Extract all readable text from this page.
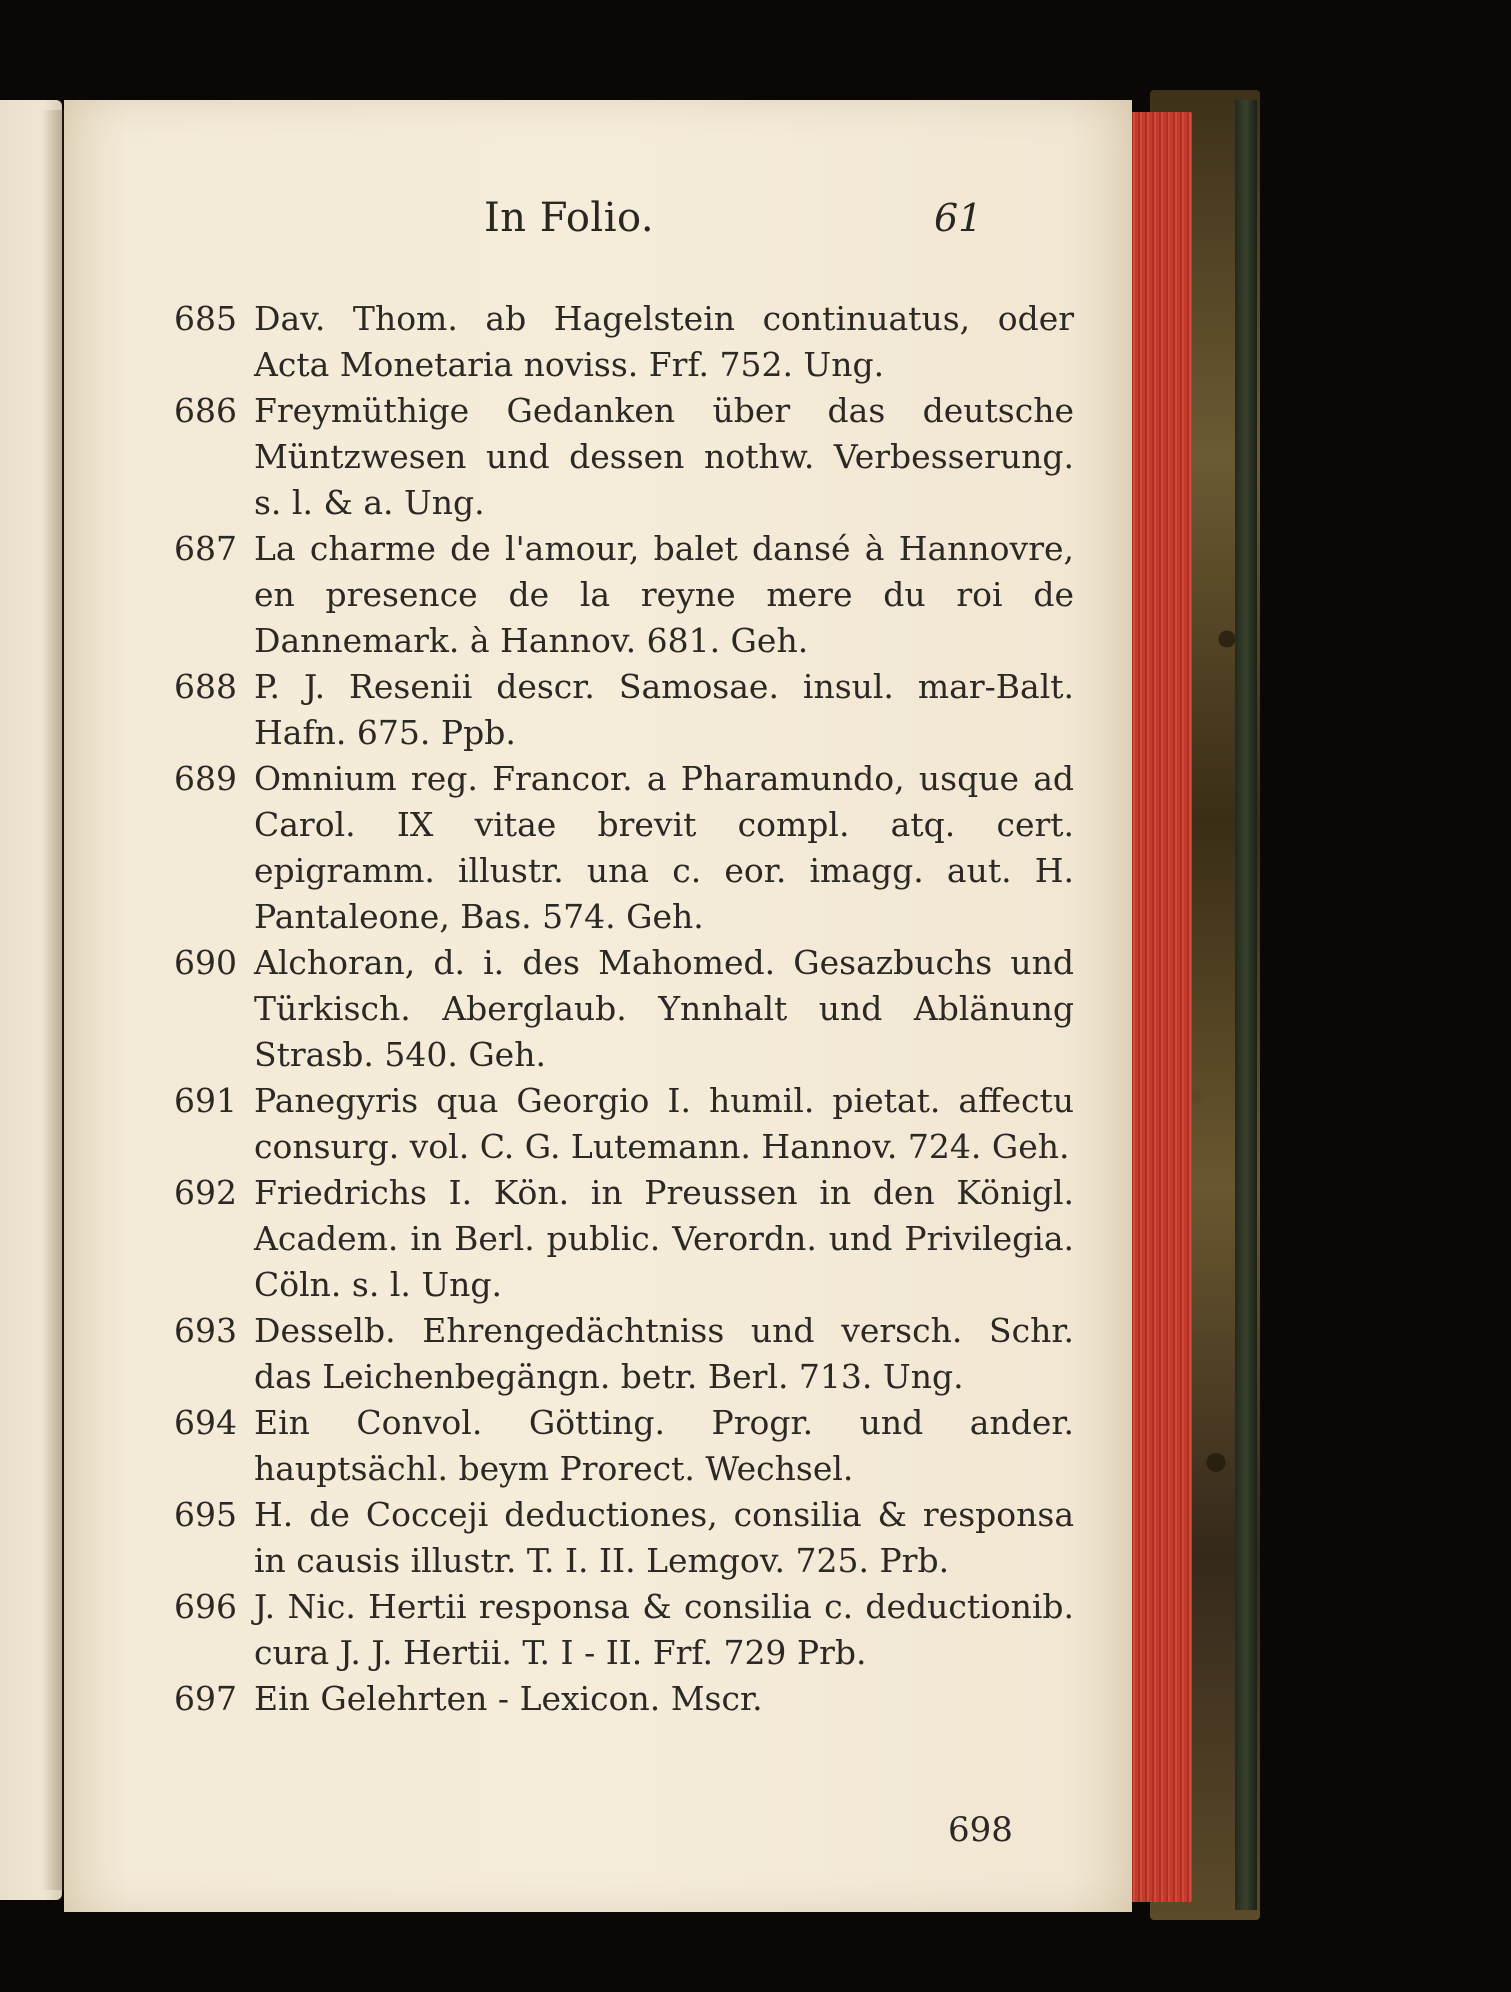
In Folio.	61
685 Dav. Thom. ab Hagelstein continuatus, oder Acta Monetaria noviss. Frf. 752. Ung.
686 Freymüthige Gedanken über das deutsche Müntzwesen und dessen nothw. Verbesserung. s. l. & a. Ung.
687 La charme de l'amour, balet dansé à Hannovre, en presence de la reyne mere du roi de Dannemark. à Hannov. 681. Geh.
688 P. J. Resenii descr. Samosae. insul. mar-Balt. Hafn. 675. Ppb.
689 Omnium reg. Francor. a Pharamundo, usque ad Carol. IX vitae brevit compl. atq. cert. epigramm. illustr. una c. eor. imagg. aut. H. Pantaleone, Bas. 574. Geh.
690 Alchoran, d. i. des Mahomed. Gesazbuchs und Türkisch. Aberglaub. Ynnhalt und Ablänung Strasb. 540. Geh.
691 Panegyris qua Georgio I. humil. pietat. affectu consurg. vol. C. G. Lutemann. Hannov. 724. Geh.
692 Friedrichs I. Kön. in Preussen in den Königl. Academ. in Berl. public. Verordn. und Privilegia. Cöln. s. l. Ung.
693 Desselb. Ehrengedächtniss und versch. Schr. das Leichenbegängn. betr. Berl. 713. Ung.
694 Ein Convol. Götting. Progr. und ander. hauptsächl. beym Prorect. Wechsel.
695 H. de Cocceji deductiones, consilia & responsa in causis illustr. T. I. II. Lemgov. 725. Prb.
696 J. Nic. Hertii responsa & consilia c. deductionib. cura J. J. Hertii. T. I - II. Frf. 729 Prb.
697 Ein Gelehrten - Lexicon. Mscr.
698
